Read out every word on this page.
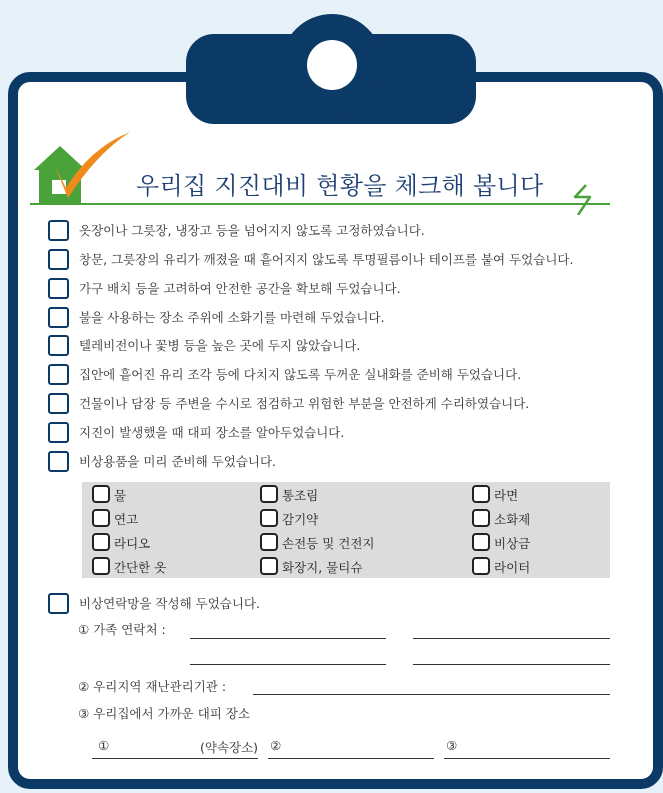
우리집 지진대비 현황을 체크해 봅니다
옷장이나 그릇장, 냉장고 등을 넘어지지 않도록 고정하였습니다.
창문, 그릇장의 유리가 깨졌을 때 흩어지지 않도록 투명필름이나 테이프를 붙여 두었습니다.
가구 배치 등을 고려하여 안전한 공간을 확보해 두었습니다.
불을 사용하는 장소 주위에 소화기를 마련해 두었습니다.
텔레비전이나 꽃병 등을 높은 곳에 두지 않았습니다.
집안에 흩어진 유리 조각 등에 다치지 않도록 두꺼운 실내화를 준비해 두었습니다.
건물이나 담장 등 주변을 수시로 점검하고 위험한 부분을 안전하게 수리하였습니다.
지진이 발생했을 때 대피 장소를 알아두었습니다.
비상용품을 미리 준비해 두었습니다.
물	통조림	라면
연고	감기약	소화제
라디오	손전등 및 건전지	비상금
간단한 옷	화장지, 물티슈	라이터
비상연락망을 작성해 두었습니다.
① 가족 연락처 :
② 우리지역 재난관리기관 :
③ 우리집에서 가까운 대피 장소
①	(약속장소) ②	③
